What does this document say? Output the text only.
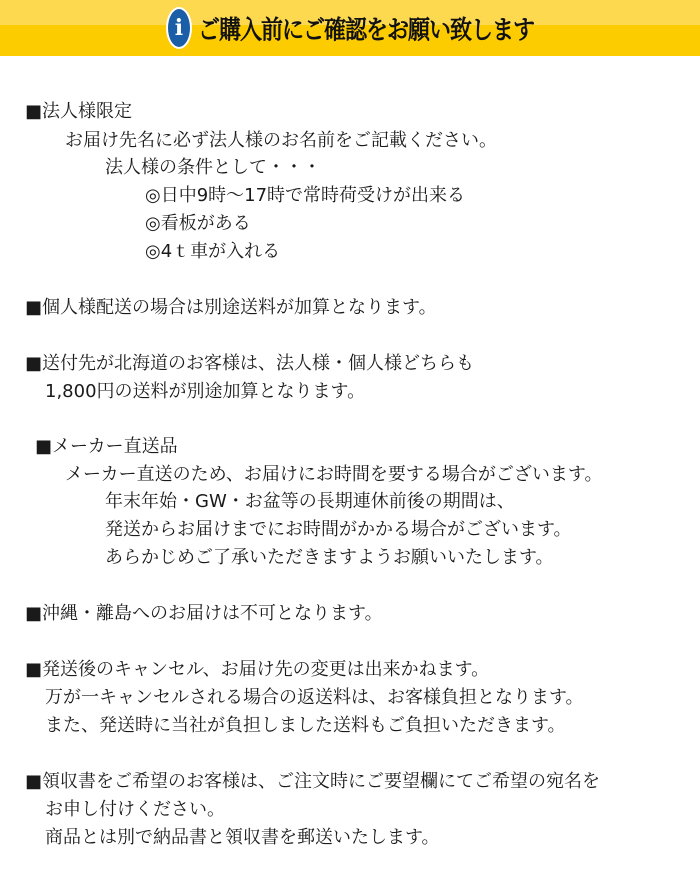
i ご購入前にご確認をお願い致します
■法人様限定
お届け先名に必ず法人様のお名前をご記載ください。
法人様の条件として・・・
◎日中9時〜17時で常時荷受けが出来る
◎看板がある
◎4ｔ車が入れる
■個人様配送の場合は別途送料が加算となります。
■送付先が北海道のお客様は、法人様・個人様どちらも
1,800円の送料が別途加算となります。
■メーカー直送品
メーカー直送のため、お届けにお時間を要する場合がございます。
年末年始・GW・お盆等の長期連休前後の期間は、
発送からお届けまでにお時間がかかる場合がございます。
あらかじめご了承いただきますようお願いいたします。
■沖縄・離島へのお届けは不可となります。
■発送後のキャンセル、お届け先の変更は出来かねます。
万が一キャンセルされる場合の返送料は、お客様負担となります。
また、発送時に当社が負担しました送料もご負担いただきます。
■領収書をご希望のお客様は、ご注文時にご要望欄にてご希望の宛名を
お申し付けください。
商品とは別で納品書と領収書を郵送いたします。
